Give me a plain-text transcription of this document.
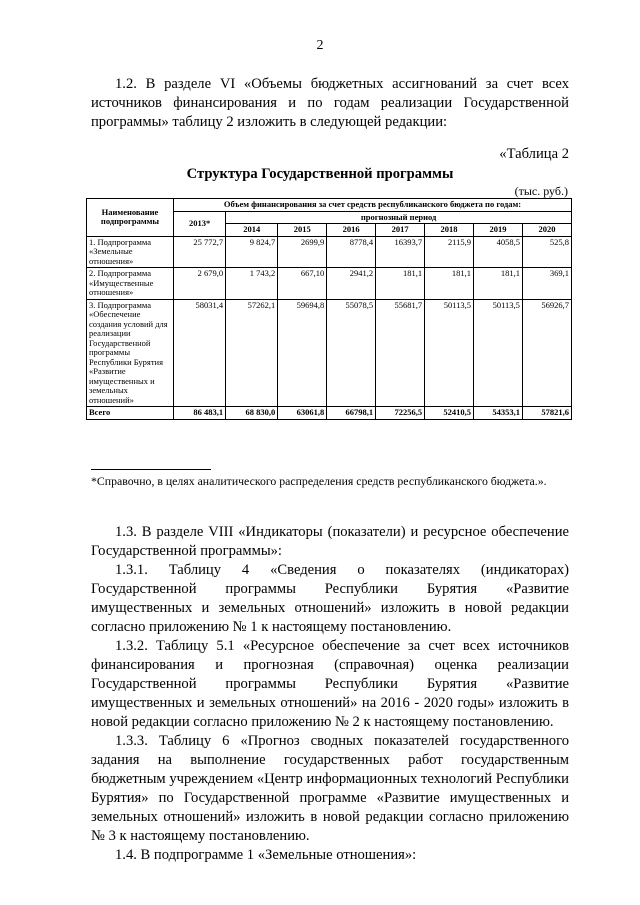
2
1.2. В разделе VI «Объемы бюджетных ассигнований за счет всех источников финансирования и по годам реализации Государственной программы» таблицу 2 изложить в следующей редакции:
«Таблица 2
Структура Государственной программы
(тыс. руб.)
Наименование подпрограммы	Объем финансирования за счет средств республиканского бюджета по годам:							
	2013*	прогнозный период						
		2014	2015	2016	2017	2018	2019	2020
1. Подпрограмма «Земельные отношения»	25 772,7	9 824,7	2699,9	8778,4	16393,7	2115,9	4058,5	525,8
2. Подпрограмма «Имущественные отношения»	2 679,0	1 743,2	667,10	2941,2	181,1	181,1	181,1	369,1
3. Подпрограмма «Обеспечение создания условий для реализации Государственной программы Республики Бурятия «Развитие имущественных и земельных отношений»	58031,4	57262,1	59694,8	55078,5	55681,7	50113,5	50113,5	56926,7
Всего	86 483,1	68 830,0	63061,8	66798,1	72256,5	52410,5	54353,1	57821,6
*Справочно, в целях аналитического распределения средств республиканского бюджета.».
1.3. В разделе VIII «Индикаторы (показатели) и ресурсное обеспечение Государственной программы»:
1.3.1. Таблицу 4 «Сведения о показателях (индикаторах) Государственной программы Республики Бурятия «Развитие имущественных и земельных отношений» изложить в новой редакции согласно приложению № 1 к настоящему постановлению.
1.3.2. Таблицу 5.1 «Ресурсное обеспечение за счет всех источников финансирования и прогнозная (справочная) оценка реализации Государственной программы Республики Бурятия «Развитие имущественных и земельных отношений» на 2016 - 2020 годы» изложить в новой редакции согласно приложению № 2 к настоящему постановлению.
1.3.3. Таблицу 6 «Прогноз сводных показателей государственного задания на выполнение государственных работ государственным бюджетным учреждением «Центр информационных технологий Республики Бурятия» по Государственной программе «Развитие имущественных и земельных отношений» изложить в новой редакции согласно приложению № 3 к настоящему постановлению.
1.4. В подпрограмме 1 «Земельные отношения»:
